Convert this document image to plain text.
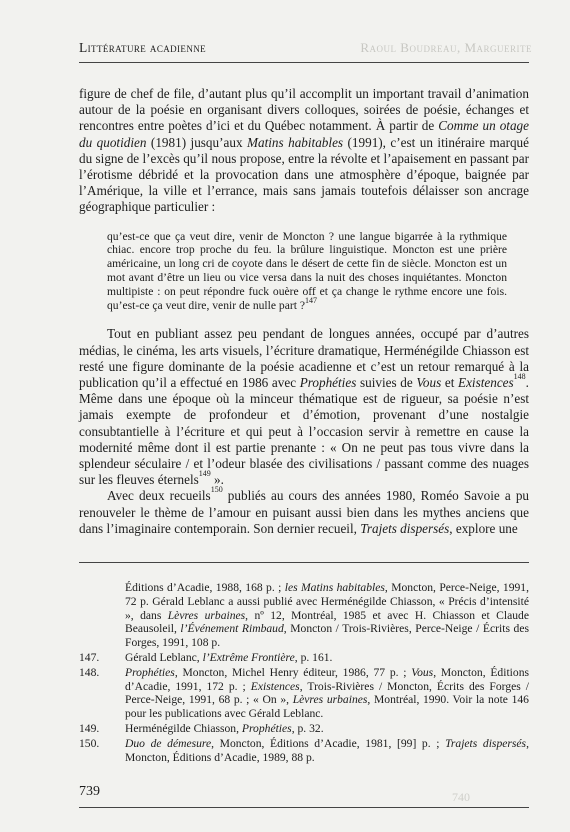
Littérature acadienne	Raoul Boudreau, Marguerite

figure de chef de file, d’autant plus qu’il accomplit un important travail d’animation autour de la poésie en organisant divers colloques, soirées de poésie, échanges et rencontres entre poètes d’ici et du Québec notamment. À partir de Comme un otage du quotidien (1981) jusqu’aux Matins habitables (1991), c’est un itinéraire marqué du signe de l’excès qu’il nous propose, entre la révolte et l’apaisement en passant par l’érotisme débridé et la provocation dans une atmosphère d’époque, baignée par l’Amérique, la ville et l’errance, mais sans jamais toutefois délaisser son ancrage géographique particulier :

qu’est-ce que ça veut dire, venir de Moncton ? une langue bigarrée à la rythmique chiac. encore trop proche du feu. la brûlure linguistique. Moncton est une prière américaine, un long cri de coyote dans le désert de cette fin de siècle. Moncton est un mot avant d’être un lieu ou vice versa dans la nuit des choses inquiétantes. Moncton multipiste : on peut répondre fuck ouère off et ça change le rythme encore une fois. qu’est-ce ça veut dire, venir de nulle part ?$^{147}$

Tout en publiant assez peu pendant de longues années, occupé par d’autres médias, le cinéma, les arts visuels, l’écriture dramatique, Herménégilde Chiasson est resté une figure dominante de la poésie acadienne et c’est un retour remarqué à la publication qu’il a effectué en 1986 avec Prophéties suivies de Vous et Existences$^{148}$. Même dans une époque où la minceur thématique est de rigueur, sa poésie n’est jamais exempte de profondeur et d’émotion, provenant d’une nostalgie consubtantielle à l’écriture et qui peut à l’occasion servir à remettre en cause la modernité même dont il est partie prenante : « On ne peut pas tous vivre dans la splendeur séculaire / et l’odeur blasée des civilisations / passant comme des nuages sur les fleuves éternels$^{149}$ ».

Avec deux recueils$^{150}$ publiés au cours des années 1980, Roméo Savoie a pu renouveler le thème de l’amour en puisant aussi bien dans les mythes anciens que dans l’imaginaire contemporain. Son dernier recueil, Trajets dispersés, explore une

Éditions d’Acadie, 1988, 168 p. ; les Matins habitables, Moncton, Perce-Neige, 1991, 72 p. Gérald Leblanc a aussi publié avec Herménégilde Chiasson, « Précis d’intensité », dans Lèvres urbaines, nº 12, Montréal, 1985 et avec H. Chiasson et Claude Beausoleil, l’Événement Rimbaud, Moncton / Trois-Rivières, Perce-Neige / Écrits des Forges, 1991, 108 p.
147.	Gérald Leblanc, l’Extrême Frontière, p. 161.
148.	Prophéties, Moncton, Michel Henry éditeur, 1986, 77 p. ; Vous, Moncton, Éditions d’Acadie, 1991, 172 p. ; Existences, Trois-Rivières / Moncton, Écrits des Forges / Perce-Neige, 1991, 68 p. ; « On », Lèvres urbaines, Montréal, 1990. Voir la note 146 pour les publications avec Gérald Leblanc.
149.	Herménégilde Chiasson, Prophéties, p. 32.
150.	Duo de démesure, Moncton, Éditions d’Acadie, 1981, [99] p. ; Trajets dispersés, Moncton, Éditions d’Acadie, 1989, 88 p.
739	740
